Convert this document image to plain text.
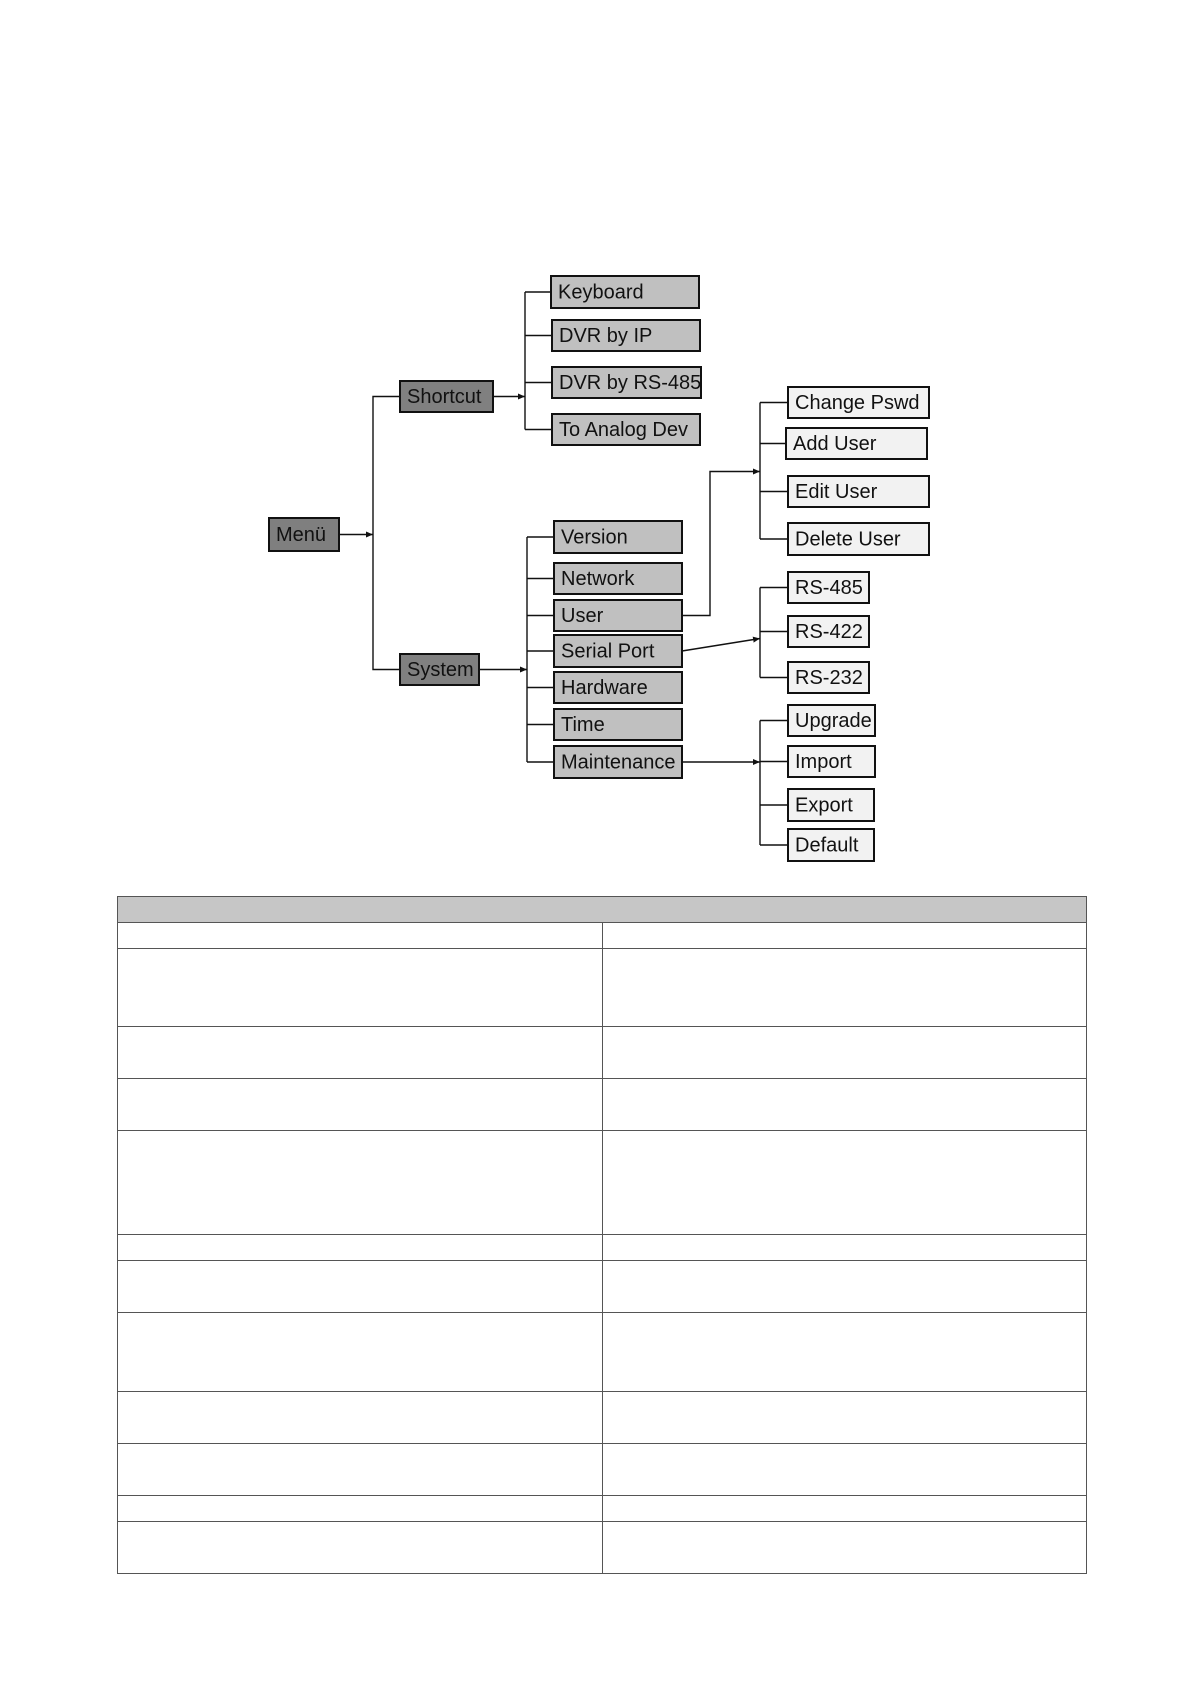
Menü
Shortcut
Keyboard
DVR by IP
DVR by RS-485
To Analog Dev
System
Version
Network
User
Change Pswd
Add User
Edit User
Delete User
Serial Port
RS-485
RS-422
RS-232
Hardware
Time
Maintenance
Upgrade
Import
Export
Default
